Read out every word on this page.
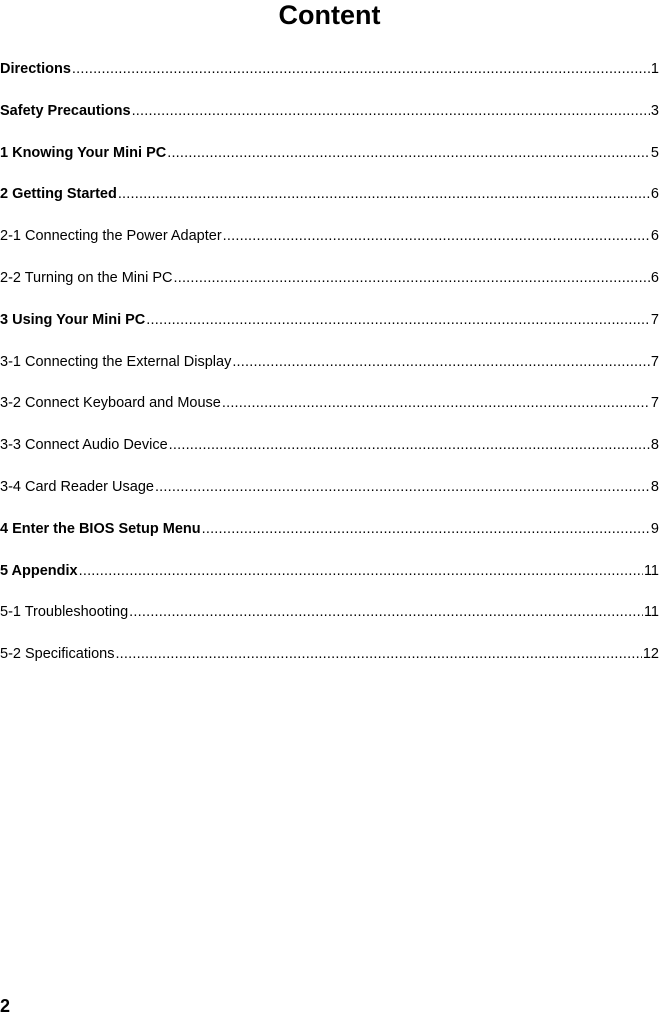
Content
Directions .....	1
Safety Precautions .....	3
1 Knowing Your Mini PC .....	5
2 Getting Started .....	6
2-1 Connecting the Power Adapter .....	6
2-2 Turning on the Mini PC .....	6
3 Using Your Mini PC .....	7
3-1 Connecting the External Display .....	7
3-2 Connect Keyboard and Mouse .....	7
3-3 Connect Audio Device .....	8
3-4 Card Reader Usage .....	8
4 Enter the BIOS Setup Menu .....	9
5 Appendix .....	11
5-1 Troubleshooting .....	11
5-2 Specifications .....	12
2
